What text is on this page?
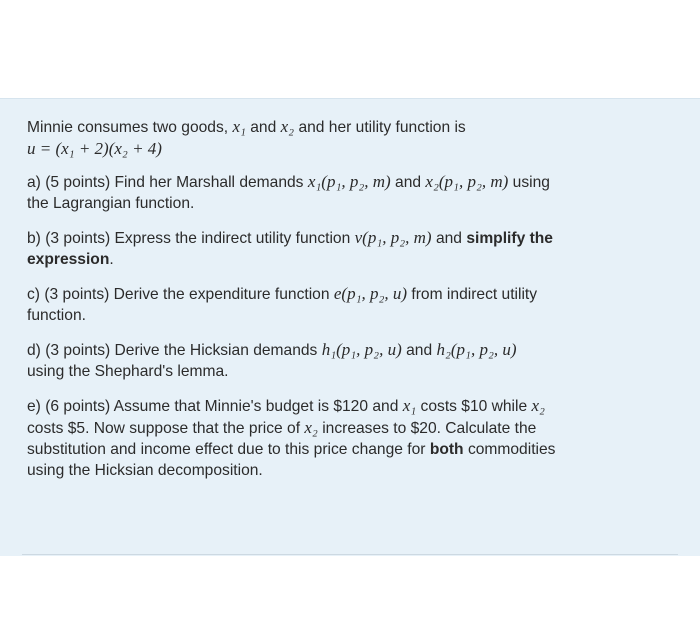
Minnie consumes two goods, x₁ and x₂ and her utility function is
u = (x₁ + 2)(x₂ + 4)

a) (5 points) Find her Marshall demands x₁(p₁, p₂, m) and x₂(p₁, p₂, m) using
the Lagrangian function.

b) (3 points) Express the indirect utility function v(p₁, p₂, m) and simplify the
expression.

c) (3 points) Derive the expenditure function e(p₁, p₂, u) from indirect utility
function.

d) (3 points) Derive the Hicksian demands h₁(p₁, p₂, u) and h₂(p₁, p₂, u)
using the Shephard's lemma.

e) (6 points) Assume that Minnie's budget is $120 and x₁ costs $10 while x₂
costs $5. Now suppose that the price of x₂ increases to $20. Calculate the
substitution and income effect due to this price change for both commodities
using the Hicksian decomposition.
